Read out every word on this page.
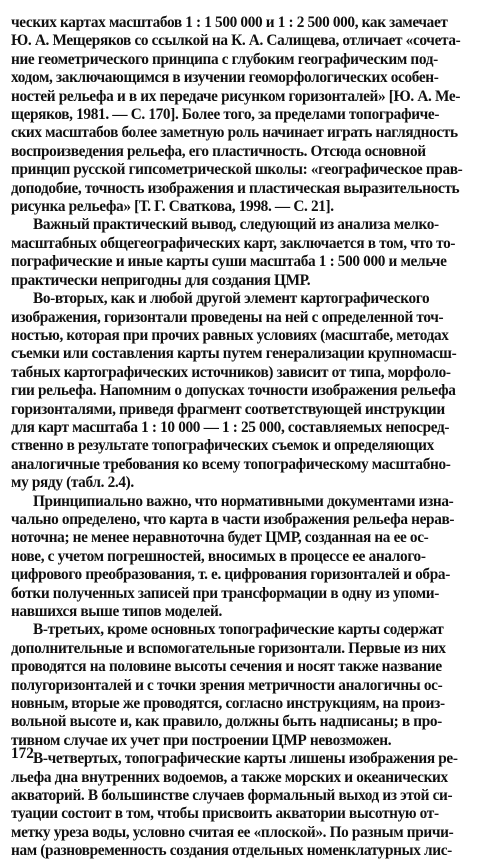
ческих картах масштабов 1 : 1 500 000 и 1 : 2 500 000, как замечает
Ю. А. Мещеряков со ссылкой на К. А. Салищева, отличает «сочета-
ние геометрического принципа с глубоким географическим под-
ходом, заключающимся в изучении геоморфологических особен-
ностей рельефа и в их передаче рисунком горизонталей» [Ю. А. Ме-
щеряков, 1981. — С. 170]. Более того, за пределами топографиче-
ских масштабов более заметную роль начинает играть наглядность
воспроизведения рельефа, его пластичность. Отсюда основной
принцип русской гипсометрической школы: «географическое прав-
доподобие, точность изображения и пластическая выразительность
рисунка рельефа» [Т. Г. Сваткова, 1998. — С. 21].
Важный практический вывод, следующий из анализа мелко-
масштабных общегеографических карт, заключается в том, что то-
пографические и иные карты суши масштаба 1 : 500 000 и мельче
практически непригодны для создания ЦМР.
Во-вторых, как и любой другой элемент картографического
изображения, горизонтали проведены на ней с определенной точ-
ностью, которая при прочих равных условиях (масштабе, методах
съемки или составления карты путем генерализации крупномасш-
табных картографических источников) зависит от типа, морфоло-
гии рельефа. Напомним о допусках точности изображения рельефа
горизонталями, приведя фрагмент соответствующей инструкции
для карт масштаба 1 : 10 000 — 1 : 25 000, составляемых непосред-
ственно в результате топографических съемок и определяющих
аналогичные требования ко всему топографическому масштабно-
му ряду (табл. 2.4).
Принципиально важно, что нормативными документами изна-
чально определено, что карта в части изображения рельефа нерав-
ноточна; не менее неравноточна будет ЦМР, созданная на ее ос-
нове, с учетом погрешностей, вносимых в процессе ее аналого-
цифрового преобразования, т. е. цифрования горизонталей и обра-
ботки полученных записей при трансформации в одну из упоми-
навшихся выше типов моделей.
В-третьих, кроме основных топографические карты содержат
дополнительные и вспомогательные горизонтали. Первые из них
проводятся на половине высоты сечения и носят также название
полугоризонталей и с точки зрения метричности аналогичны ос-
новным, вторые же проводятся, согласно инструкциям, на произ-
вольной высоте и, как правило, должны быть надписаны; в про-
тивном случае их учет при построении ЦМР невозможен.
В-четвертых, топографические карты лишены изображения ре-
льефа дна внутренних водоемов, а также морских и океанических
акваторий. В большинстве случаев формальный выход из этой си-
туации состоит в том, чтобы присвоить акватории высотную от-
метку уреза воды, условно считая ее «плоской». По разным причи-
нам (разновременность создания отдельных номенклатурных лис-
172
